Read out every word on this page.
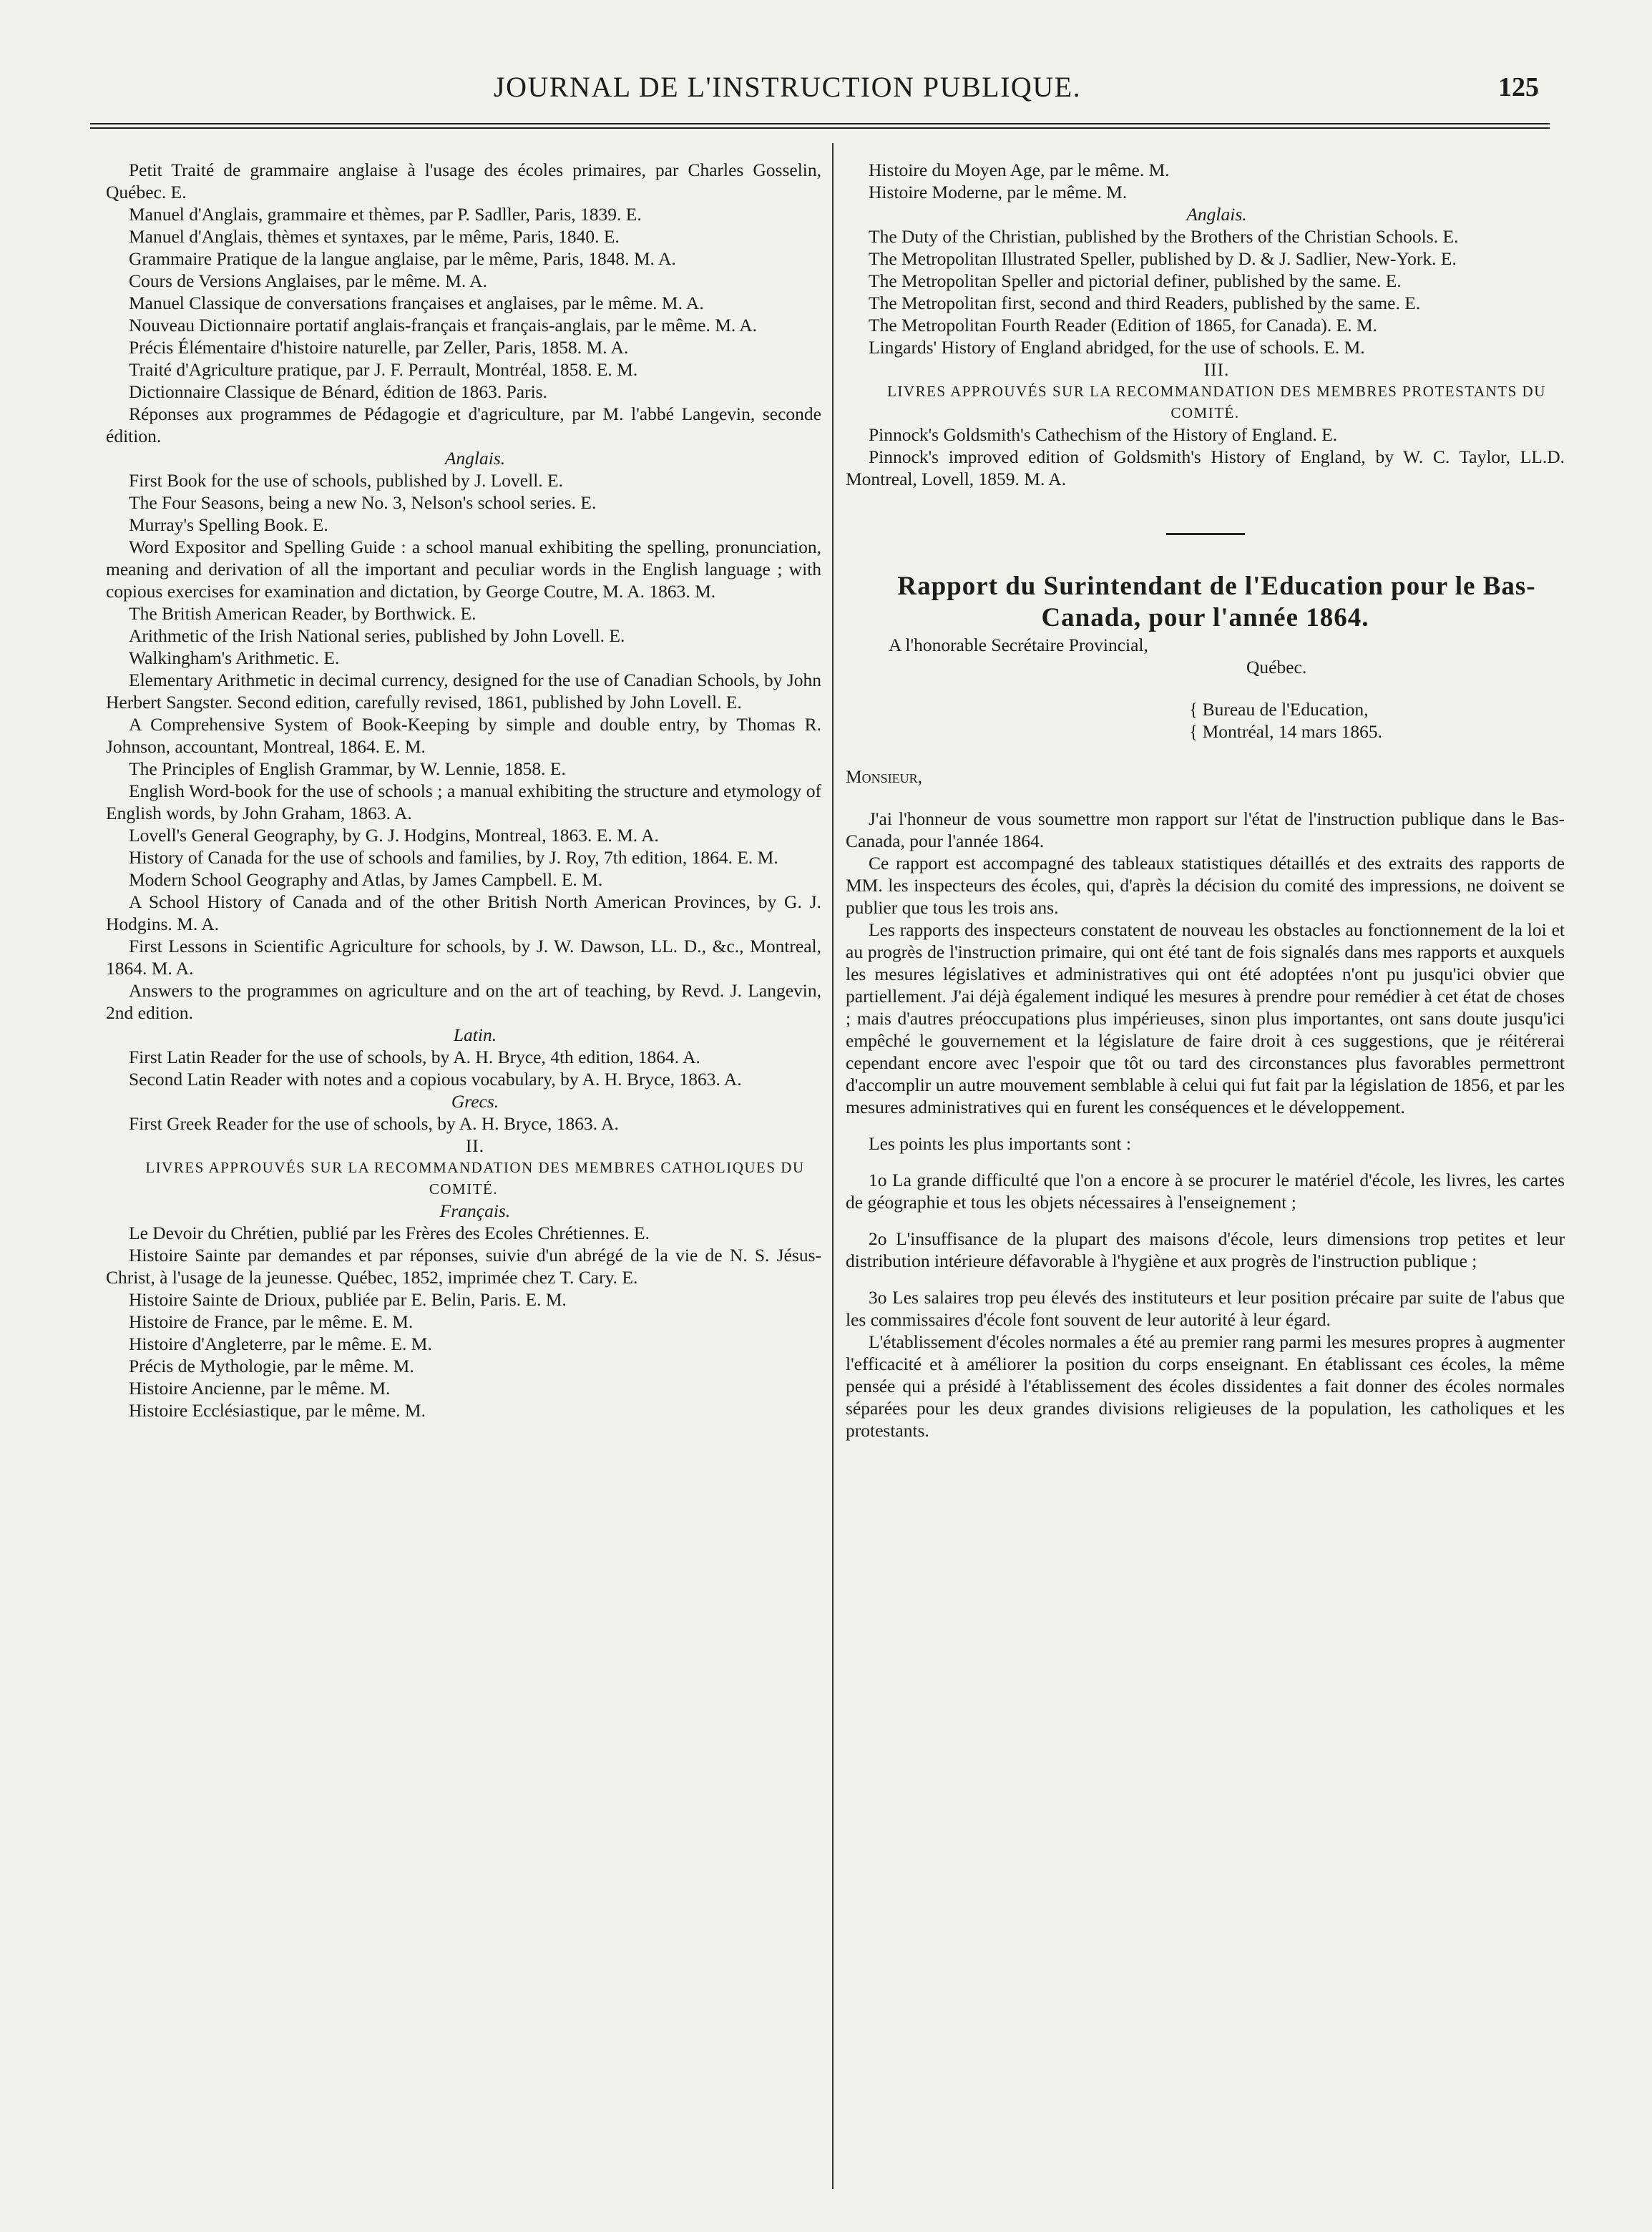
JOURNAL DE L'INSTRUCTION PUBLIQUE.	125

Petit Traité de grammaire anglaise à l'usage des écoles primaires, par Charles Gosselin, Québec. E.

Manuel d'Anglais, grammaire et thèmes, par P. Sadller, Paris, 1839. E.

Manuel d'Anglais, thèmes et syntaxes, par le même, Paris, 1840. E.

Grammaire Pratique de la langue anglaise, par le même, Paris, 1848. M. A.

Cours de Versions Anglaises, par le même. M. A.

Manuel Classique de conversations françaises et anglaises, par le même. M. A.

Nouveau Dictionnaire portatif anglais-français et français-anglais, par le même. M. A.

Précis Élémentaire d'histoire naturelle, par Zeller, Paris, 1858. M. A.

Traité d'Agriculture pratique, par J. F. Perrault, Montréal, 1858. E. M.

Dictionnaire Classique de Bénard, édition de 1863. Paris.

Réponses aux programmes de Pédagogie et d'agriculture, par M. l'abbé Langevin, seconde édition.

Anglais.

First Book for the use of schools, published by J. Lovell. E.

The Four Seasons, being a new No. 3, Nelson's school series. E.

Murray's Spelling Book. E.

Word Expositor and Spelling Guide : a school manual exhibiting the spelling, pronunciation, meaning and derivation of all the important and peculiar words in the English language ; with copious exercises for examination and dictation, by George Coutre, M. A. 1863. M.

The British American Reader, by Borthwick. E.

Arithmetic of the Irish National series, published by John Lovell. E.

Walkingham's Arithmetic. E.

Elementary Arithmetic in decimal currency, designed for the use of Canadian Schools, by John Herbert Sangster. Second edition, carefully revised, 1861, published by John Lovell. E.

A Comprehensive System of Book-Keeping by simple and double entry, by Thomas R. Johnson, accountant, Montreal, 1864. E. M.

The Principles of English Grammar, by W. Lennie, 1858. E.

English Word-book for the use of schools ; a manual exhibiting the structure and etymology of English words, by John Graham, 1863. A.

Lovell's General Geography, by G. J. Hodgins, Montreal, 1863. E. M. A.

History of Canada for the use of schools and families, by J. Roy, 7th edition, 1864. E. M.

Modern School Geography and Atlas, by James Campbell. E. M.

A School History of Canada and of the other British North American Provinces, by G. J. Hodgins. M. A.

First Lessons in Scientific Agriculture for schools, by J. W. Dawson, LL. D., &c., Montreal, 1864. M. A.

Answers to the programmes on agriculture and on the art of teaching, by Revd. J. Langevin, 2nd edition.

Latin.

First Latin Reader for the use of schools, by A. H. Bryce, 4th edition, 1864. A.

Second Latin Reader with notes and a copious vocabulary, by A. H. Bryce, 1863. A.

Grecs.

First Greek Reader for the use of schools, by A. H. Bryce, 1863. A.

II.

LIVRES APPROUVÉS SUR LA RECOMMANDATION DES MEMBRES CATHOLIQUES DU COMITÉ.

Français.

Le Devoir du Chrétien, publié par les Frères des Ecoles Chrétiennes. E.

Histoire Sainte par demandes et par réponses, suivie d'un abrégé de la vie de N. S. Jésus-Christ, à l'usage de la jeunesse. Québec, 1852, imprimée chez T. Cary. E.

Histoire Sainte de Drioux, publiée par E. Belin, Paris. E. M.

Histoire de France, par le même. E. M.

Histoire d'Angleterre, par le même. E. M.

Précis de Mythologie, par le même. M.

Histoire Ancienne, par le même. M.

Histoire Ecclésiastique, par le même. M.

Histoire du Moyen Age, par le même. M.

Histoire Moderne, par le même. M.

Anglais.

The Duty of the Christian, published by the Brothers of the Christian Schools. E.

The Metropolitan Illustrated Speller, published by D. & J. Sadlier, New-York. E.

The Metropolitan Speller and pictorial definer, published by the same. E.

The Metropolitan first, second and third Readers, published by the same. E.

The Metropolitan Fourth Reader (Edition of 1865, for Canada). E. M.

Lingards' History of England abridged, for the use of schools. E. M.

III.

LIVRES APPROUVÉS SUR LA RECOMMANDATION DES MEMBRES PROTESTANTS DU COMITÉ.

Pinnock's Goldsmith's Cathechism of the History of England. E.

Pinnock's improved edition of Goldsmith's History of England, by W. C. Taylor, LL.D. Montreal, Lovell, 1859. M. A.

Rapport du Surintendant de l'Education pour le Bas-Canada, pour l'année 1864.

A l'honorable Secrétaire Provincial,

Québec.

{ Bureau de l'Education,

{ Montréal, 14 mars 1865.

Monsieur,

J'ai l'honneur de vous soumettre mon rapport sur l'état de l'instruction publique dans le Bas-Canada, pour l'année 1864.

Ce rapport est accompagné des tableaux statistiques détaillés et des extraits des rapports de MM. les inspecteurs des écoles, qui, d'après la décision du comité des impressions, ne doivent se publier que tous les trois ans.

Les rapports des inspecteurs constatent de nouveau les obstacles au fonctionnement de la loi et au progrès de l'instruction primaire, qui ont été tant de fois signalés dans mes rapports et auxquels les mesures législatives et administratives qui ont été adoptées n'ont pu jusqu'ici obvier que partiellement. J'ai déjà également indiqué les mesures à prendre pour remédier à cet état de choses ; mais d'autres préoccupations plus impérieuses, sinon plus importantes, ont sans doute jusqu'ici empêché le gouvernement et la législature de faire droit à ces suggestions, que je réitérerai cependant encore avec l'espoir que tôt ou tard des circonstances plus favorables permettront d'accomplir un autre mouvement semblable à celui qui fut fait par la législation de 1856, et par les mesures administratives qui en furent les conséquences et le développement.

Les points les plus importants sont :

1o La grande difficulté que l'on a encore à se procurer le matériel d'école, les livres, les cartes de géographie et tous les objets nécessaires à l'enseignement ;

2o L'insuffisance de la plupart des maisons d'école, leurs dimensions trop petites et leur distribution intérieure défavorable à l'hygiène et aux progrès de l'instruction publique ;

3o Les salaires trop peu élevés des instituteurs et leur position précaire par suite de l'abus que les commissaires d'école font souvent de leur autorité à leur égard.

L'établissement d'écoles normales a été au premier rang parmi les mesures propres à augmenter l'efficacité et à améliorer la position du corps enseignant. En établissant ces écoles, la même pensée qui a présidé à l'établissement des écoles dissidentes a fait donner des écoles normales séparées pour les deux grandes divisions religieuses de la population, les catholiques et les protestants.
